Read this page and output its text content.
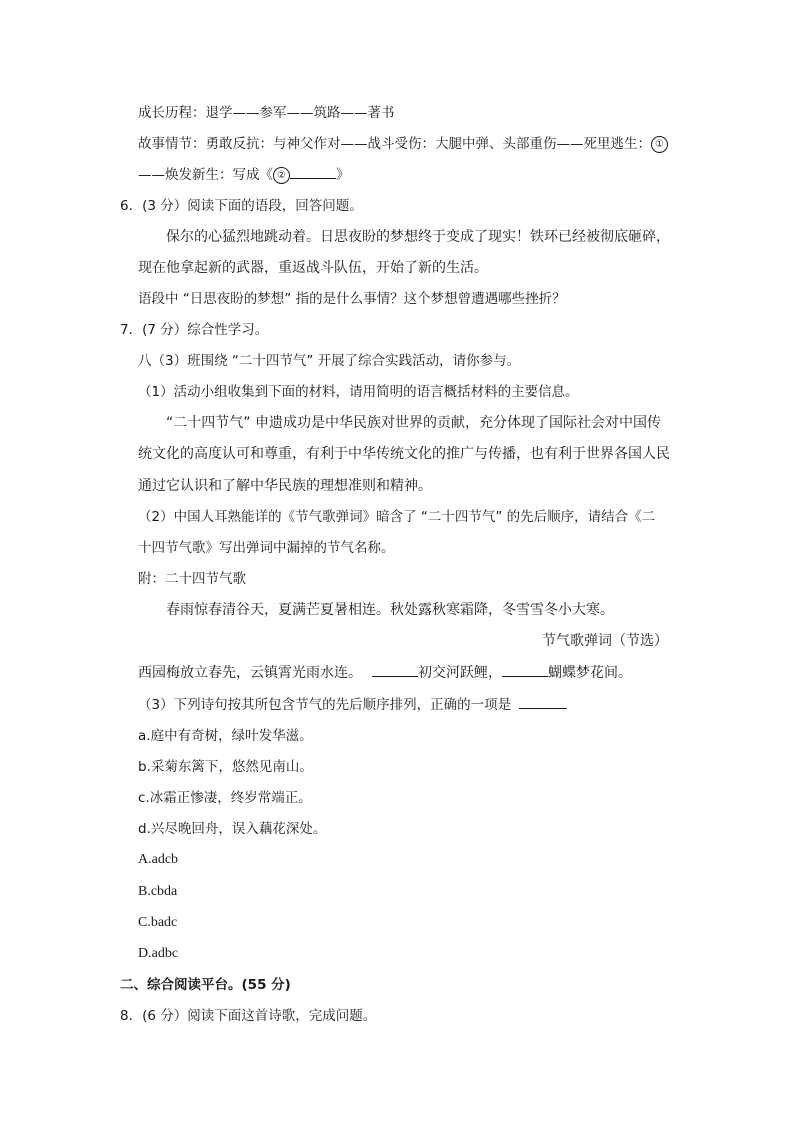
成长历程：退学——参军——筑路——著书
故事情节：勇敢反抗：与神父作对——战斗受伤：大腿中弹、头部重伤——死里逃生： ①
——焕发新生：写成《 ②	》
6．(3 分）阅读下面的语段，回答问题。
保尔的心猛烈地跳动着。日思夜盼的梦想终于变成了现实！铁环已经被彻底砸碎，
现在他拿起新的武器，重返战斗队伍，开始了新的生活。
语段中 “日思夜盼的梦想” 指的是什么事情？这个梦想曾遭遇哪些挫折？
7．(7 分）综合性学习。
八（3）班围绕 “二十四节气” 开展了综合实践活动，请你参与。
（1）活动小组收集到下面的材料，请用简明的语言概括材料的主要信息。
“二十四节气” 申遗成功是中华民族对世界的贡献，充分体现了国际社会对中国传
统文化的高度认可和尊重，有利于中华传统文化的推广与传播，也有利于世界各国人民
通过它认识和了解中华民族的理想准则和精神。
（2）中国人耳熟能详的《节气歌弹词》暗含了 “二十四节气” 的先后顺序，请结合《二
十四节气歌》写出弹词中漏掉的节气名称。
附：二十四节气歌
春雨惊春清谷天，夏满芒夏暑相连。秋处露秋寒霜降，冬雪雪冬小大寒。
节气歌弹词（节选）
西园梅放立春先，云镇霄光雨水连。	初交河跃鲤，	蝴蝶梦花间。
（3）下列诗句按其所包含节气的先后顺序排列，正确的一项是
a.庭中有奇树，绿叶发华滋。
b.采菊东篱下，悠然见南山。
c.冰霜正惨凄，终岁常端正。
d.兴尽晚回舟，误入藕花深处。
A.adcb
B.cbda
C.badc
D.adbc
二、综合阅读平台。(55 分)
8．(6 分）阅读下面这首诗歌，完成问题。
